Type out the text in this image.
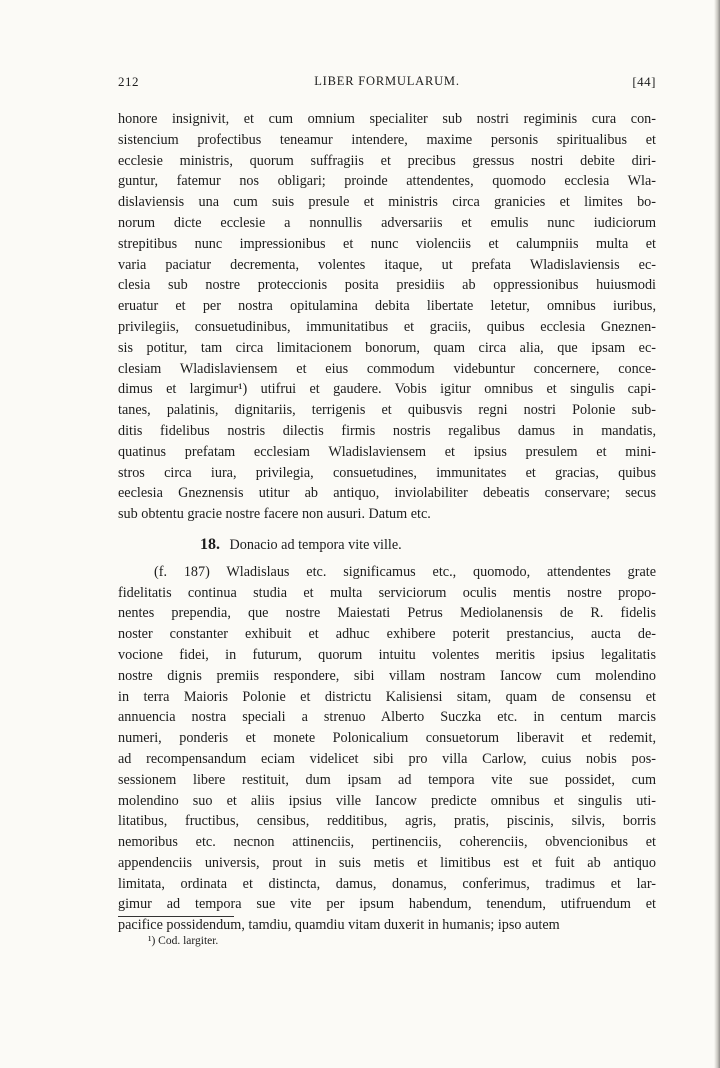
212	LIBER FORMULARUM.	[44]
honore insignivit, et cum omnium specialiter sub nostri regiminis cura con-
sistencium profectibus teneamur intendere, maxime personis spiritualibus et
ecclesie ministris, quorum suffragiis et precibus gressus nostri debite diri-
guntur, fatemur nos obligari; proinde attendentes, quomodo ecclesia Wla-
dislaviensis una cum suis presule et ministris circa granicies et limites bo-
norum dicte ecclesie a nonnullis adversariis et emulis nunc iudiciorum
strepitibus nunc impressionibus et nunc violenciis et calumpniis multa et
varia paciatur decrementa, volentes itaque, ut prefata Wladislaviensis ec-
clesia sub nostre proteccionis posita presidiis ab oppressionibus huiusmodi
eruatur et per nostra opitulamina debita libertate letetur, omnibus iuribus,
privilegiis, consuetudinibus, immunitatibus et graciis, quibus ecclesia Gneznen-
sis potitur, tam circa limitacionem bonorum, quam circa alia, que ipsam ec-
clesiam Wladislaviensem et eius commodum videbuntur concernere, conce-
dimus et largimur¹) utifrui et gaudere. Vobis igitur omnibus et singulis capi-
tanes, palatinis, dignitariis, terrigenis et quibusvis regni nostri Polonie sub-
ditis fidelibus nostris dilectis firmis nostris regalibus damus in mandatis,
quatinus prefatam ecclesiam Wladislaviensem et ipsius presulem et mini-
stros circa iura, privilegia, consuetudines, immunitates et gracias, quibus
eeclesia Gneznensis utitur ab antiquo, inviolabiliter debeatis conservare; secus
sub obtentu gracie nostre facere non ausuri. Datum etc.
18. Donacio ad tempora vite ville.
(f. 187) Wladislaus etc. significamus etc., quomodo, attendentes grate
fidelitatis continua studia et multa serviciorum oculis mentis nostre propo-
nentes prependia, que nostre Maiestati Petrus Mediolanensis de R. fidelis
noster constanter exhibuit et adhuc exhibere poterit prestancius, aucta de-
vocione fidei, in futurum, quorum intuitu volentes meritis ipsius legalitatis
nostre dignis premiis respondere, sibi villam nostram Iancow cum molendino
in terra Maioris Polonie et districtu Kalisiensi sitam, quam de consensu et
annuencia nostra speciali a strenuo Alberto Suczka etc. in centum marcis
numeri, ponderis et monete Polonicalium consuetorum liberavit et redemit,
ad recompensandum eciam videlicet sibi pro villa Carlow, cuius nobis pos-
sessionem libere restituit, dum ipsam ad tempora vite sue possidet, cum
molendino suo et aliis ipsius ville Iancow predicte omnibus et singulis uti-
litatibus, fructibus, censibus, redditibus, agris, pratis, piscinis, silvis, borris
nemoribus etc. necnon attinenciis, pertinenciis, coherenciis, obvencionibus et
appendenciis universis, prout in suis metis et limitibus est et fuit ab antiquo
limitata, ordinata et distincta, damus, donamus, conferimus, tradimus et lar-
gimur ad tempora sue vite per ipsum habendum, tenendum, utifruendum et
pacifice possidendum, tamdiu, quamdiu vitam duxerit in humanis; ipso autem
¹) Cod. largiter.
